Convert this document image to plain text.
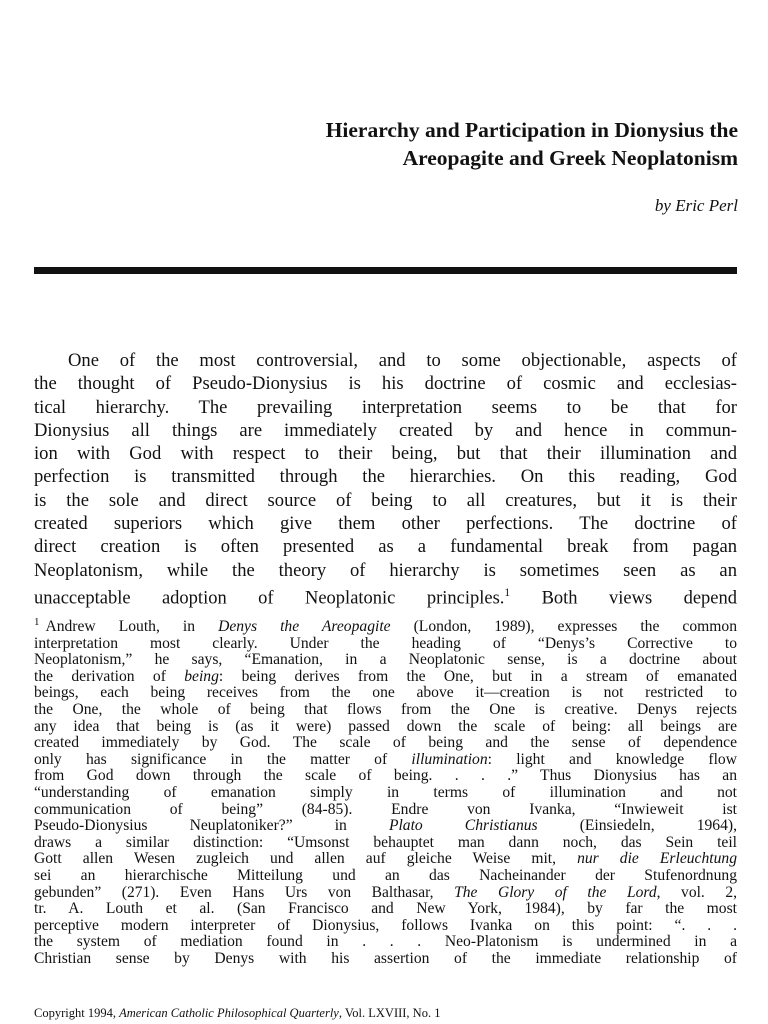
Hierarchy and Participation in Dionysius the
Areopagite and Greek Neoplatonism
by Eric Perl
One of the most controversial, and to some objectionable, aspects of
the thought of Pseudo-Dionysius is his doctrine of cosmic and ecclesias-
tical hierarchy. The prevailing interpretation seems to be that for
Dionysius all things are immediately created by and hence in commun-
ion with God with respect to their being, but that their illumination and
perfection is transmitted through the hierarchies. On this reading, God
is the sole and direct source of being to all creatures, but it is their
created superiors which give them other perfections. The doctrine of
direct creation is often presented as a fundamental break from pagan
Neoplatonism, while the theory of hierarchy is sometimes seen as an
unacceptable adoption of Neoplatonic principles.$^1$ Both views depend
$^1$ Andrew Louth, in Denys the Areopagite (London, 1989), expresses the common
interpretation most clearly. Under the heading of “Denys’s Corrective to
Neoplatonism,” he says, “Emanation, in a Neoplatonic sense, is a doctrine about
the derivation of being: being derives from the One, but in a stream of emanated
beings, each being receives from the one above it—creation is not restricted to
the One, the whole of being that flows from the One is creative. Denys rejects
any idea that being is (as it were) passed down the scale of being: all beings are
created immediately by God. The scale of being and the sense of dependence
only has significance in the matter of illumination: light and knowledge flow
from God down through the scale of being. . . .” Thus Dionysius has an
“understanding of emanation simply in terms of illumination and not
communication of being” (84-85). Endre von Ivanka, “Inwieweit ist
Pseudo-Dionysius Neuplatoniker?” in Plato Christianus (Einsiedeln, 1964),
draws a similar distinction: “Umsonst behauptet man dann noch, das Sein teil
Gott allen Wesen zugleich und allen auf gleiche Weise mit, nur die Erleuchtung
sei an hierarchische Mitteilung und an das Nacheinander der Stufenordnung
gebunden” (271). Even Hans Urs von Balthasar, The Glory of the Lord, vol. 2,
tr. A. Louth et al. (San Francisco and New York, 1984), by far the most
perceptive modern interpreter of Dionysius, follows Ivanka on this point: “. . .
the system of mediation found in . . . Neo-Platonism is undermined in a
Christian sense by Denys with his assertion of the immediate relationship of
Copyright 1994, American Catholic Philosophical Quarterly, Vol. LXVIII, No. 1
